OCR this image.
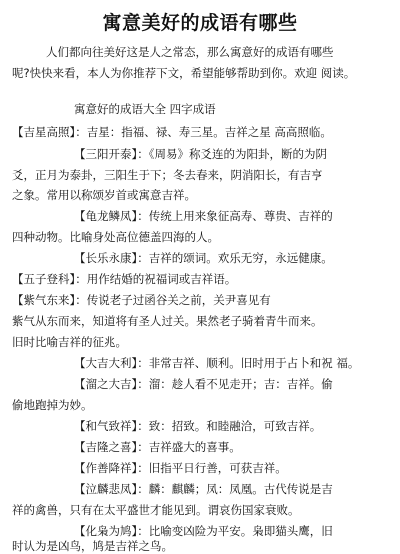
寓意美好的成语有哪些
人们都向往美好这是人之常态，那么寓意好的成语有哪些
呢?快快来看，本人为你推荐下文，希望能够帮助到你。欢迎 阅读。
寓意好的成语大全 四字成语
【吉星高照】：吉星：指福、禄、寿三星。吉祥之星 高高照临。
【三阳开泰】：《周易》称爻连的为阳卦，断的为阴
爻，正月为泰卦，三阳生于下；冬去春来，阴消阳长，有吉亨
之象。常用以称颂岁首或寓意吉祥。
【龟龙鳞凤】：传统上用来象征高寿、尊贵、吉祥的
四种动物。比喻身处高位德盖四海的人。
【长乐永康】：吉祥的颂词。欢乐无穷，永远健康。
【五子登科】：用作结婚的祝福词或吉祥语。
【紫气东来】：传说老子过函谷关之前，关尹喜见有
紫气从东而来，知道将有圣人过关。果然老子骑着青牛而来。
旧时比喻吉祥的征兆。
【大吉大利】：非常吉祥、顺利。旧时用于占卜和祝 福。
【溜之大吉】：溜：趁人看不见走开；吉：吉祥。偷
偷地跑掉为妙。
【和气致祥】：致：招致。和睦融洽，可致吉祥。
【吉隆之喜】：吉祥盛大的喜事。
【作善降祥】：旧指平日行善，可获吉祥。
【泣麟悲凤】：麟：麒麟；凤：凤凰。古代传说是吉
祥的禽兽，只有在太平盛世才能见到。谓哀伤国家衰败。
【化枭为鸠】：比喻变凶险为平安。枭即猫头鹰，旧
时认为是凶鸟，鸠是吉祥之鸟。
